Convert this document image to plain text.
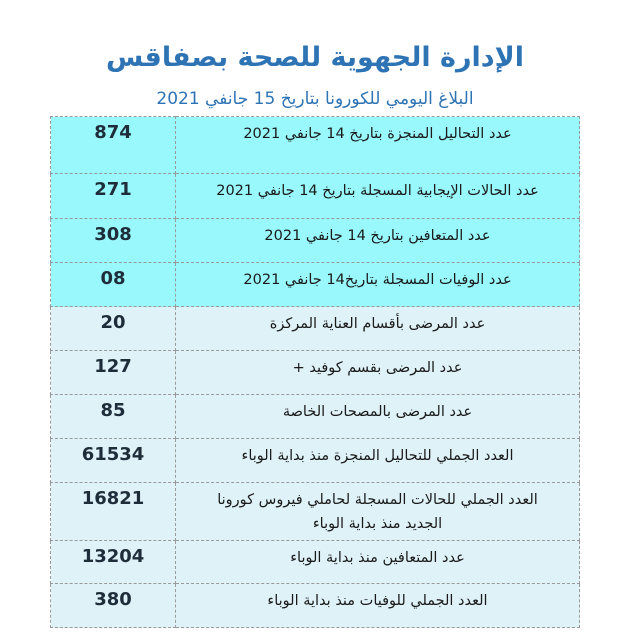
الإدارة الجهوية للصحة بصفاقس
البلاغ اليومي للكورونا بتاريخ 15 جانفي 2021
874	عدد التحاليل المنجزة بتاريخ 14 جانفي 2021
271	عدد الحالات الإيجابية المسجلة بتاريخ 14 جانفي 2021
308	عدد المتعافين بتاريخ 14 جانفي 2021
08	عدد الوفيات المسجلة بتاريخ14 جانفي 2021
20	عدد المرضى بأقسام العناية المركزة
127	عدد المرضى بقسم كوفيد +
85	عدد المرضى بالمصحات الخاصة
61534	العدد الجملي للتحاليل المنجزة منذ بداية الوباء
16821	العدد الجملي للحالات المسجلة لحاملي فيروس كورونا الجديد منذ بداية الوباء
13204	عدد المتعافين منذ بداية الوباء
380	العدد الجملي للوفيات منذ بداية الوباء
